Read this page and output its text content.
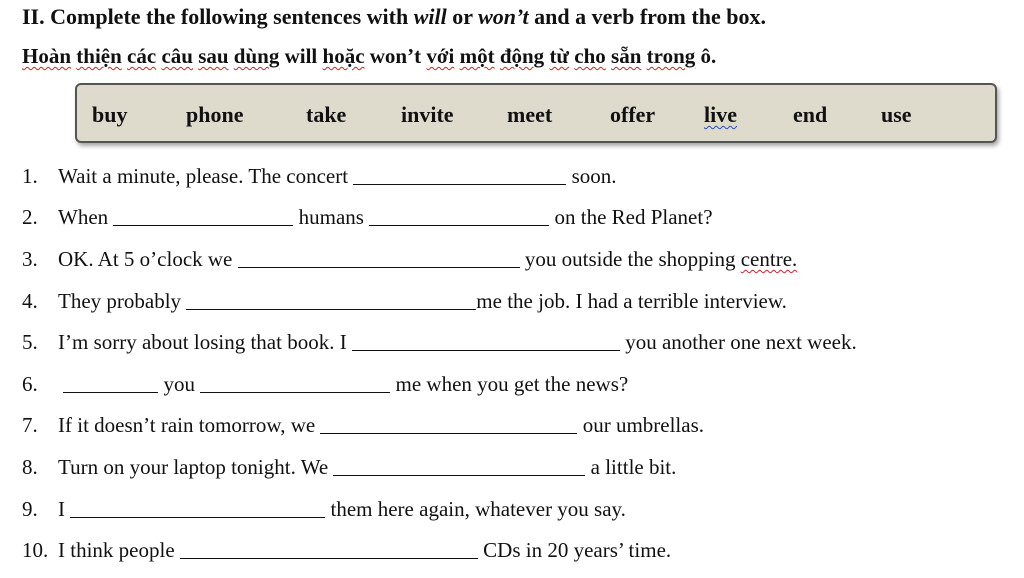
II. Complete the following sentences with will or won’t and a verb from the box.
Hoàn thiện các câu sau dùng will hoặc won’t với một động từ cho sẵn trong ô.
buy	phone	take invite meet	offer	live	end use
1. Wait a minute, please. The concert	soon.
2. When	humans	on the Red Planet?
3. OK. At 5 o’clock we	you outside the shopping centre.
4. They probably	me the job. I had a terrible interview.
5. I’m sorry about losing that book. I	you another one next week.
6.	you	me when you get the news?
7. If it doesn’t rain tomorrow, we	our umbrellas.
8. Turn on your laptop tonight. We	a little bit.
9. I	them here again, whatever you say.
10. I think people	CDs in 20 years’ time.
